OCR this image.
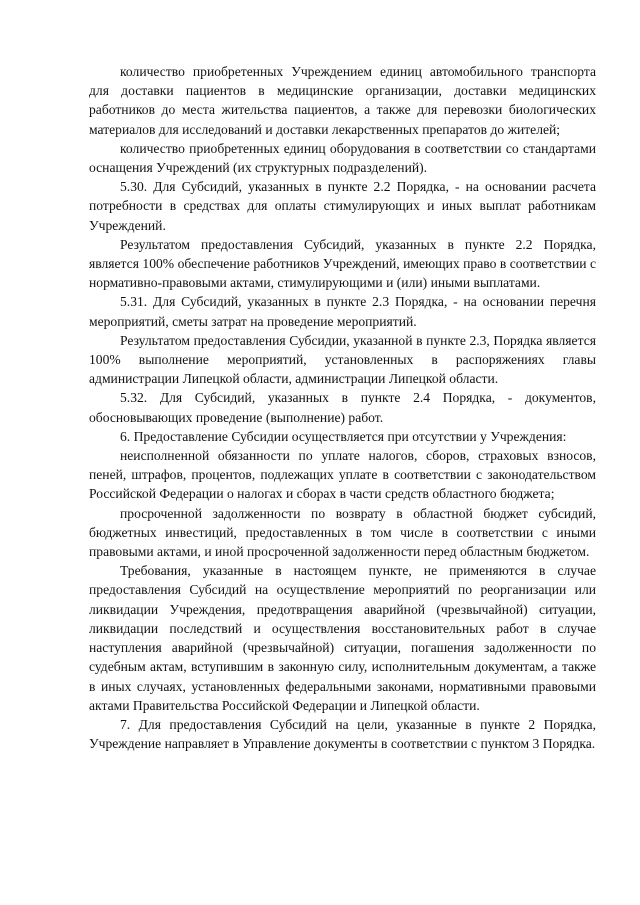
количество приобретенных Учреждением единиц автомобильного транспорта для доставки пациентов в медицинские организации, доставки медицинских работников до места жительства пациентов, а также для перевозки биологических материалов для исследований и доставки лекарственных препаратов до жителей;

количество приобретенных единиц оборудования в соответствии со стандартами оснащения Учреждений (их структурных подразделений).

5.30. Для Субсидий, указанных в пункте 2.2 Порядка, - на основании расчета потребности в средствах для оплаты стимулирующих и иных выплат работникам Учреждений.

Результатом предоставления Субсидий, указанных в пункте 2.2 Порядка, является 100% обеспечение работников Учреждений, имеющих право в соответствии с нормативно-правовыми актами, стимулирующими и (или) иными выплатами.

5.31. Для Субсидий, указанных в пункте 2.3 Порядка, - на основании перечня мероприятий, сметы затрат на проведение мероприятий.

Результатом предоставления Субсидии, указанной в пункте 2.3, Порядка является 100% выполнение мероприятий, установленных в распоряжениях главы администрации Липецкой области, администрации Липецкой области.

5.32. Для Субсидий, указанных в пункте 2.4 Порядка, - документов, обосновывающих проведение (выполнение) работ.

6. Предоставление Субсидии осуществляется при отсутствии у Учреждения:

неисполненной обязанности по уплате налогов, сборов, страховых взносов, пеней, штрафов, процентов, подлежащих уплате в соответствии с законодательством Российской Федерации о налогах и сборах в части средств областного бюджета;

просроченной задолженности по возврату в областной бюджет субсидий, бюджетных инвестиций, предоставленных в том числе в соответствии с иными правовыми актами, и иной просроченной задолженности перед областным бюджетом.

Требования, указанные в настоящем пункте, не применяются в случае предоставления Субсидий на осуществление мероприятий по реорганизации или ликвидации Учреждения, предотвращения аварийной (чрезвычайной) ситуации, ликвидации последствий и осуществления восстановительных работ в случае наступления аварийной (чрезвычайной) ситуации, погашения задолженности по судебным актам, вступившим в законную силу, исполнительным документам, а также в иных случаях, установленных федеральными законами, нормативными правовыми актами Правительства Российской Федерации и Липецкой области.

7. Для предоставления Субсидий на цели, указанные в пункте 2 Порядка, Учреждение направляет в Управление документы в соответствии с пунктом 3 Порядка.
